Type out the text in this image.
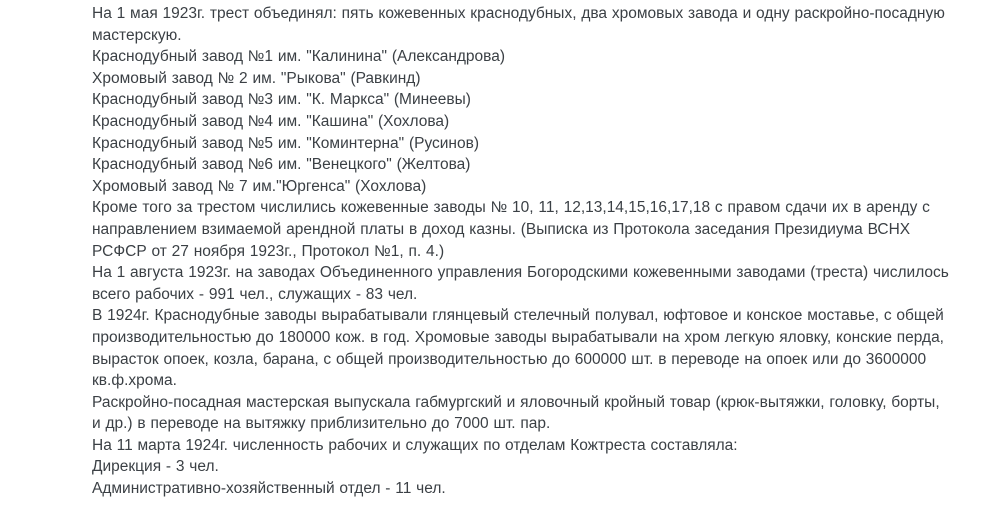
На 1 мая 1923г. трест объединял: пять кожевенных краснодубных, два хромовых завода и одну раскройно-посадную мастерскую.

Краснодубный завод №1 им. "Калинина" (Александрова)

Хромовый завод № 2 им. "Рыкова" (Равкинд)

Краснодубный завод №3 им. "К. Маркса" (Минеевы)

Краснодубный завод №4 им. "Кашина" (Хохлова)

Краснодубный завод №5 им. "Коминтерна" (Русинов)

Краснодубный завод №6 им. "Венецкого" (Желтова)

Хромовый завод № 7 им."Юргенса" (Хохлова)

Кроме того за трестом числились кожевенные заводы № 10, 11, 12,13,14,15,16,17,18 с правом сдачи их в аренду с направлением взимаемой арендной платы в доход казны. (Выписка из Протокола заседания Президиума ВСНХ РСФСР от 27 ноября 1923г., Протокол №1, п. 4.)

На 1 августа 1923г. на заводах Объединенного управления Богородскими кожевенными заводами (треста) числилось всего рабочих - 991 чел., служащих - 83 чел.

В 1924г. Краснодубные заводы вырабатывали глянцевый стелечный полувал, юфтовое и конское моставье, с общей производительностью до 180000 кож. в год. Хромовые заводы вырабатывали на хром легкую яловку, конские перда, вырасток опоек, козла, барана, с общей производительностью до 600000 шт. в переводе на опоек или до 3600000 кв.ф.хрома.

Раскройно-посадная мастерская выпускала габмургский и яловочный кройный товар (крюк-вытяжки, головку, борты, и др.) в переводе на вытяжку приблизительно до 7000 шт. пар.

На 11 марта 1924г. численность рабочих и служащих по отделам Кожтреста составляла:

Дирекция - 3 чел.

Административно-хозяйственный отдел - 11 чел.
